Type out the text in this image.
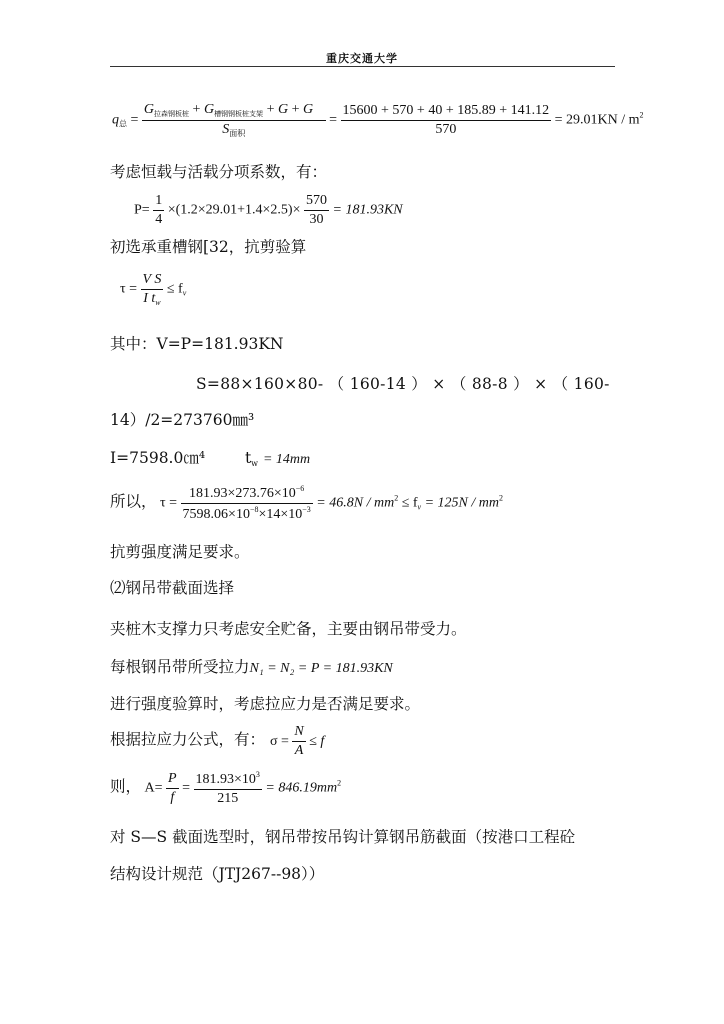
重庆交通大学
$q_总 = \frac{G_{拉森钢板桩} + G_{槽钢钢板桩支架} + G + G}{S_{面积}} = \frac{15600 + 570 + 40 + 185.89 + 141.12}{570} = 29.01KN / m^2$
考虑恒载与活载分项系数，有：
$P= \frac{1}{4} \times(1.2\times 29.01+1.4\times 2.5)\times \frac{570}{30} = 181.93KN$
初选承重槽钢[32，抗剪验算
$\tau = \frac{\text{V S}}{I t_w} \le f_v$
其中：V=P=181.93KN
S=88×160×80- （ 160-14 ） × （ 88-8 ） × （ 160-
14）/2=273760㎜³
I=7598.0㎝⁴	$t_w = 14mm$
所以， $\tau = \frac{181.93\times 273.76\times 10^{-6}}{7598.06\times 10^{-8}\times 14\times 10^{-3}} = 46.8N / mm^2 \le f_v = 125N / mm^2$
抗剪强度满足要求。
⑵钢吊带截面选择
夹桩木支撑力只考虑安全贮备，主要由钢吊带受力。
每根钢吊带所受拉力N₁ = N₂ = P = 181.93KN
进行强度验算时，考虑拉应力是否满足要求。
根据拉应力公式，有： $\sigma = \frac{N}{A} \le f$
则， $A= \frac{P}{f} = \frac{181.93\times 10^3}{215} = 846.19mm^2$
对 S—S 截面选型时，钢吊带按吊钩计算钢吊筋截面（按港口工程砼
结构设计规范（JTJ267--98））
